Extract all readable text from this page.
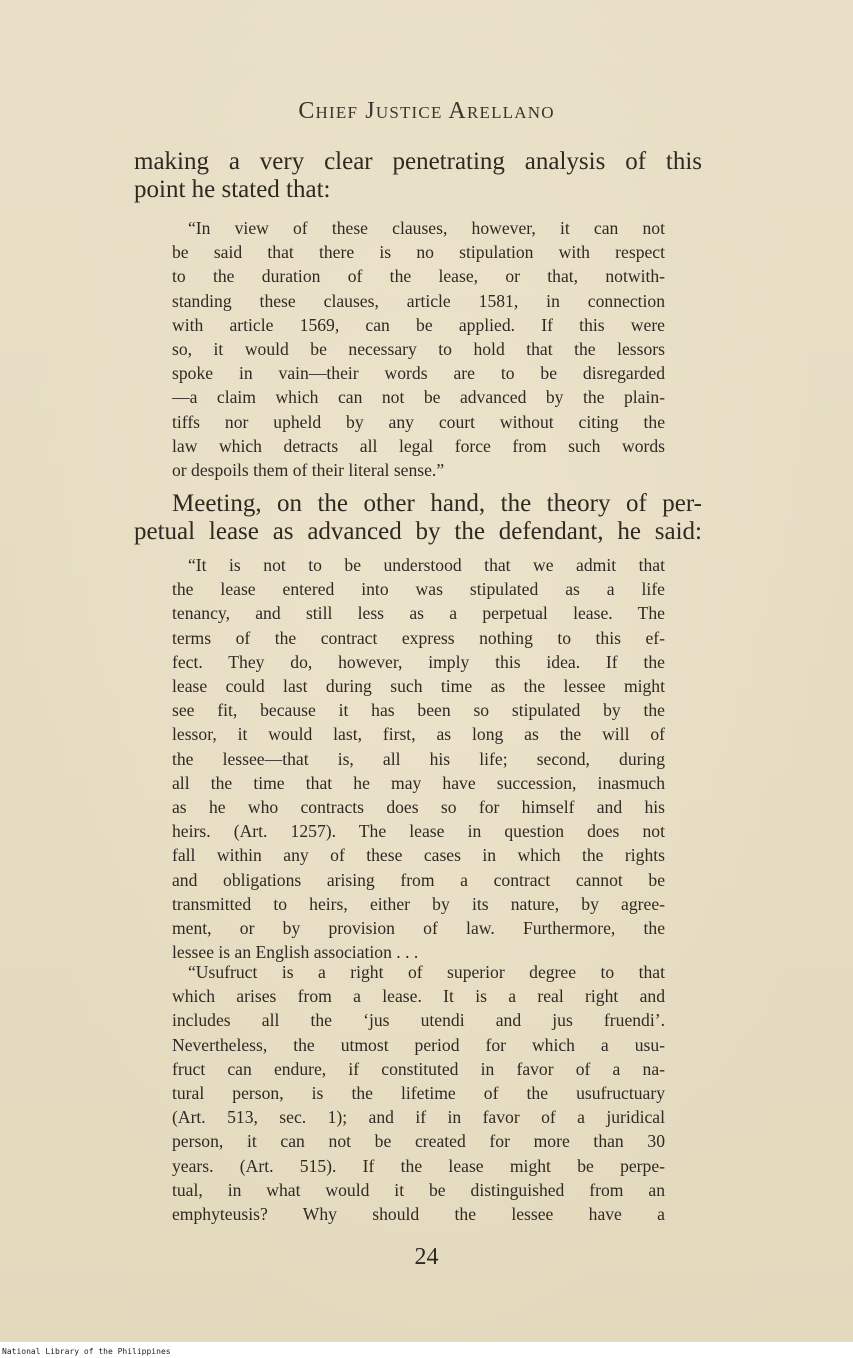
Chief Justice Arellano
making a very clear penetrating analysis of this
point he stated that:
“In view of these clauses, however, it can not
be said that there is no stipulation with respect
to the duration of the lease, or that, notwith-
standing these clauses, article 1581, in connection
with article 1569, can be applied. If this were
so, it would be necessary to hold that the lessors
spoke in vain—their words are to be disregarded
—a claim which can not be advanced by the plain-
tiffs nor upheld by any court without citing the
law which detracts all legal force from such words
or despoils them of their literal sense.”
Meeting, on the other hand, the theory of per-
petual lease as advanced by the defendant, he said:
“It is not to be understood that we admit that
the lease entered into was stipulated as a life
tenancy, and still less as a perpetual lease. The
terms of the contract express nothing to this ef-
fect. They do, however, imply this idea. If the
lease could last during such time as the lessee might
see fit, because it has been so stipulated by the
lessor, it would last, first, as long as the will of
the lessee—that is, all his life; second, during
all the time that he may have succession, inasmuch
as he who contracts does so for himself and his
heirs. (Art. 1257). The lease in question does not
fall within any of these cases in which the rights
and obligations arising from a contract cannot be
transmitted to heirs, either by its nature, by agree-
ment, or by provision of law. Furthermore, the
lessee is an English association . . .
“Usufruct is a right of superior degree to that
which arises from a lease. It is a real right and
includes all the ‘jus utendi and jus fruendi’.
Nevertheless, the utmost period for which a usu-
fruct can endure, if constituted in favor of a na-
tural person, is the lifetime of the usufructuary
(Art. 513, sec. 1); and if in favor of a juridical
person, it can not be created for more than 30
years. (Art. 515). If the lease might be perpe-
tual, in what would it be distinguished from an
emphyteusis? Why should the lessee have a
24
National Library of the Philippines
